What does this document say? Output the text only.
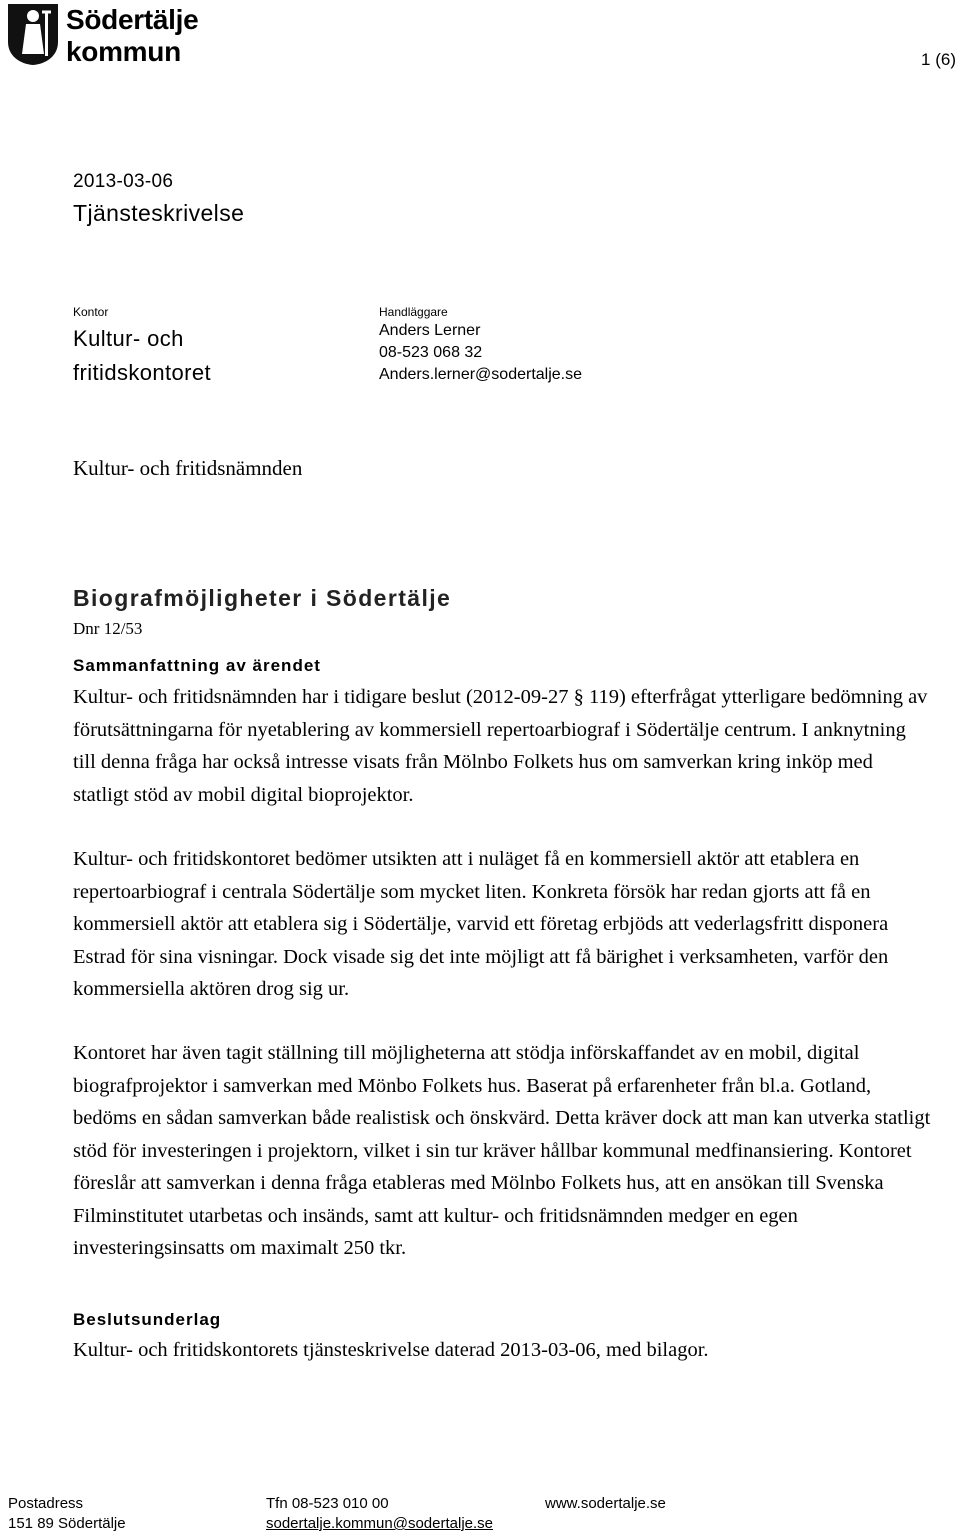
Södertälje
kommun	1 (6)
2013-03-06
Tjänsteskrivelse
Kontor
Kultur- och
fritidskontoret
Handläggare
Anders Lerner
08-523 068 32
Anders.lerner@sodertalje.se
Kultur- och fritidsnämnden
Biografmöjligheter i Södertälje
Dnr 12/53
Sammanfattning av ärendet
Kultur- och fritidsnämnden har i tidigare beslut (2012-09-27 § 119) efterfrågat ytterligare bedömning av förutsättningarna för nyetablering av kommersiell repertoarbiograf i Södertälje centrum. I anknytning till denna fråga har också intresse visats från Mölnbo Folkets hus om samverkan kring inköp med statligt stöd av mobil digital bioprojektor.
Kultur- och fritidskontoret bedömer utsikten att i nuläget få en kommersiell aktör att etablera en repertoarbiograf i centrala Södertälje som mycket liten. Konkreta försök har redan gjorts att få en kommersiell aktör att etablera sig i Södertälje, varvid ett företag erbjöds att vederlagsfritt disponera Estrad för sina visningar. Dock visade sig det inte möjligt att få bärighet i verksamheten, varför den kommersiella aktören drog sig ur.
Kontoret har även tagit ställning till möjligheterna att stödja införskaffandet av en mobil, digital biografprojektor i samverkan med Mönbo Folkets hus. Baserat på erfarenheter från bl.a. Gotland, bedöms en sådan samverkan både realistisk och önskvärd. Detta kräver dock att man kan utverka statligt stöd för investeringen i projektorn, vilket i sin tur kräver hållbar kommunal medfinansiering. Kontoret föreslår att samverkan i denna fråga etableras med Mölnbo Folkets hus, att en ansökan till Svenska Filminstitutet utarbetas och insänds, samt att kultur- och fritidsnämnden medger en egen investeringsinsatts om maximalt 250 tkr.
Beslutsunderlag
Kultur- och fritidskontorets tjänsteskrivelse daterad 2013-03-06, med bilagor.
Postadress
151 89 Södertälje
Tfn 08-523 010 00
sodertalje.kommun@sodertalje.se
www.sodertalje.se
